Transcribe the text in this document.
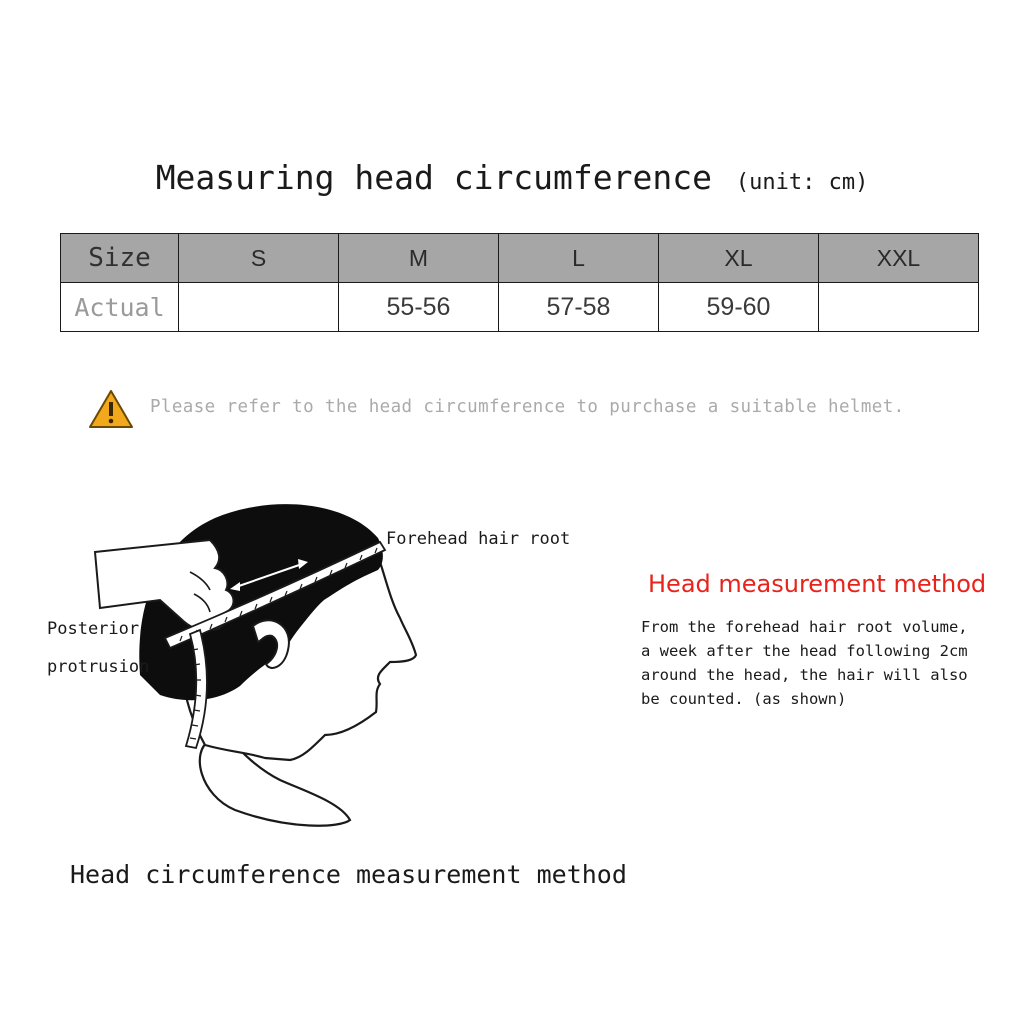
Measuring head circumference (unit: cm)
Size	S	M	L	XL	XXL
Actual		55-56	57-58	59-60	
Please refer to the head circumference to purchase a suitable helmet.
Forehead hair root
Posterior
protrusion
Head measurement method
From the forehead hair root volume,
a week after the head following 2cm
around the head, the hair will also
be counted. (as shown)
Head circumference measurement method
